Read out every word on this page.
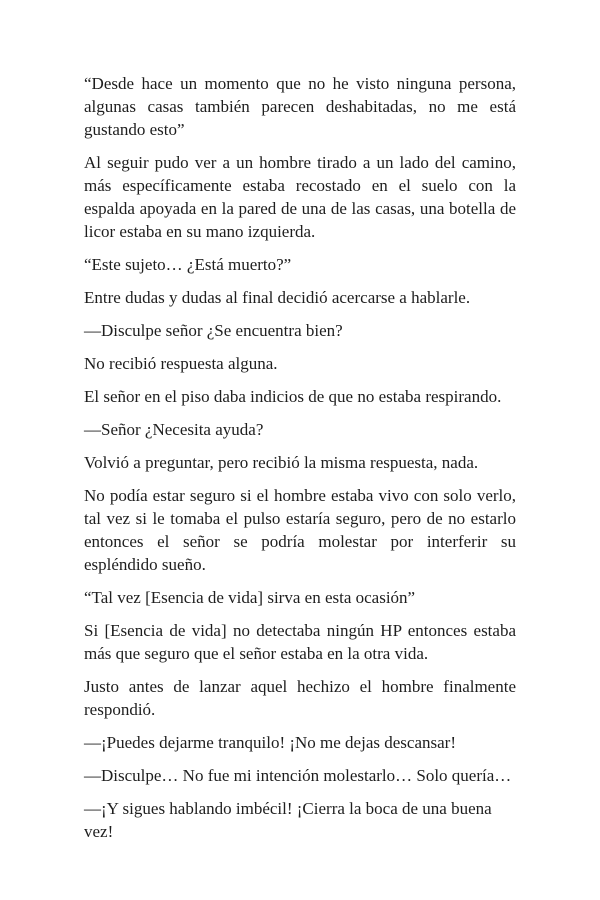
“Desde hace un momento que no he visto ninguna persona, algunas casas también parecen deshabitadas, no me está gustando esto”

Al seguir pudo ver a un hombre tirado a un lado del camino, más específicamente estaba recostado en el suelo con la espalda apoyada en la pared de una de las casas, una botella de licor estaba en su mano izquierda.

“Este sujeto… ¿Está muerto?”

Entre dudas y dudas al final decidió acercarse a hablarle.

—Disculpe señor ¿Se encuentra bien?

No recibió respuesta alguna.

El señor en el piso daba indicios de que no estaba respirando.

—Señor ¿Necesita ayuda?

Volvió a preguntar, pero recibió la misma respuesta, nada.

No podía estar seguro si el hombre estaba vivo con solo verlo, tal vez si le tomaba el pulso estaría seguro, pero de no estarlo entonces el señor se podría molestar por interferir su espléndido sueño.

“Tal vez [Esencia de vida] sirva en esta ocasión”

Si [Esencia de vida] no detectaba ningún HP entonces estaba más que seguro que el señor estaba en la otra vida.

Justo antes de lanzar aquel hechizo el hombre finalmente respondió.

—¡Puedes dejarme tranquilo! ¡No me dejas descansar!

—Disculpe… No fue mi intención molestarlo… Solo quería…

—¡Y sigues hablando imbécil! ¡Cierra la boca de una buena vez!
